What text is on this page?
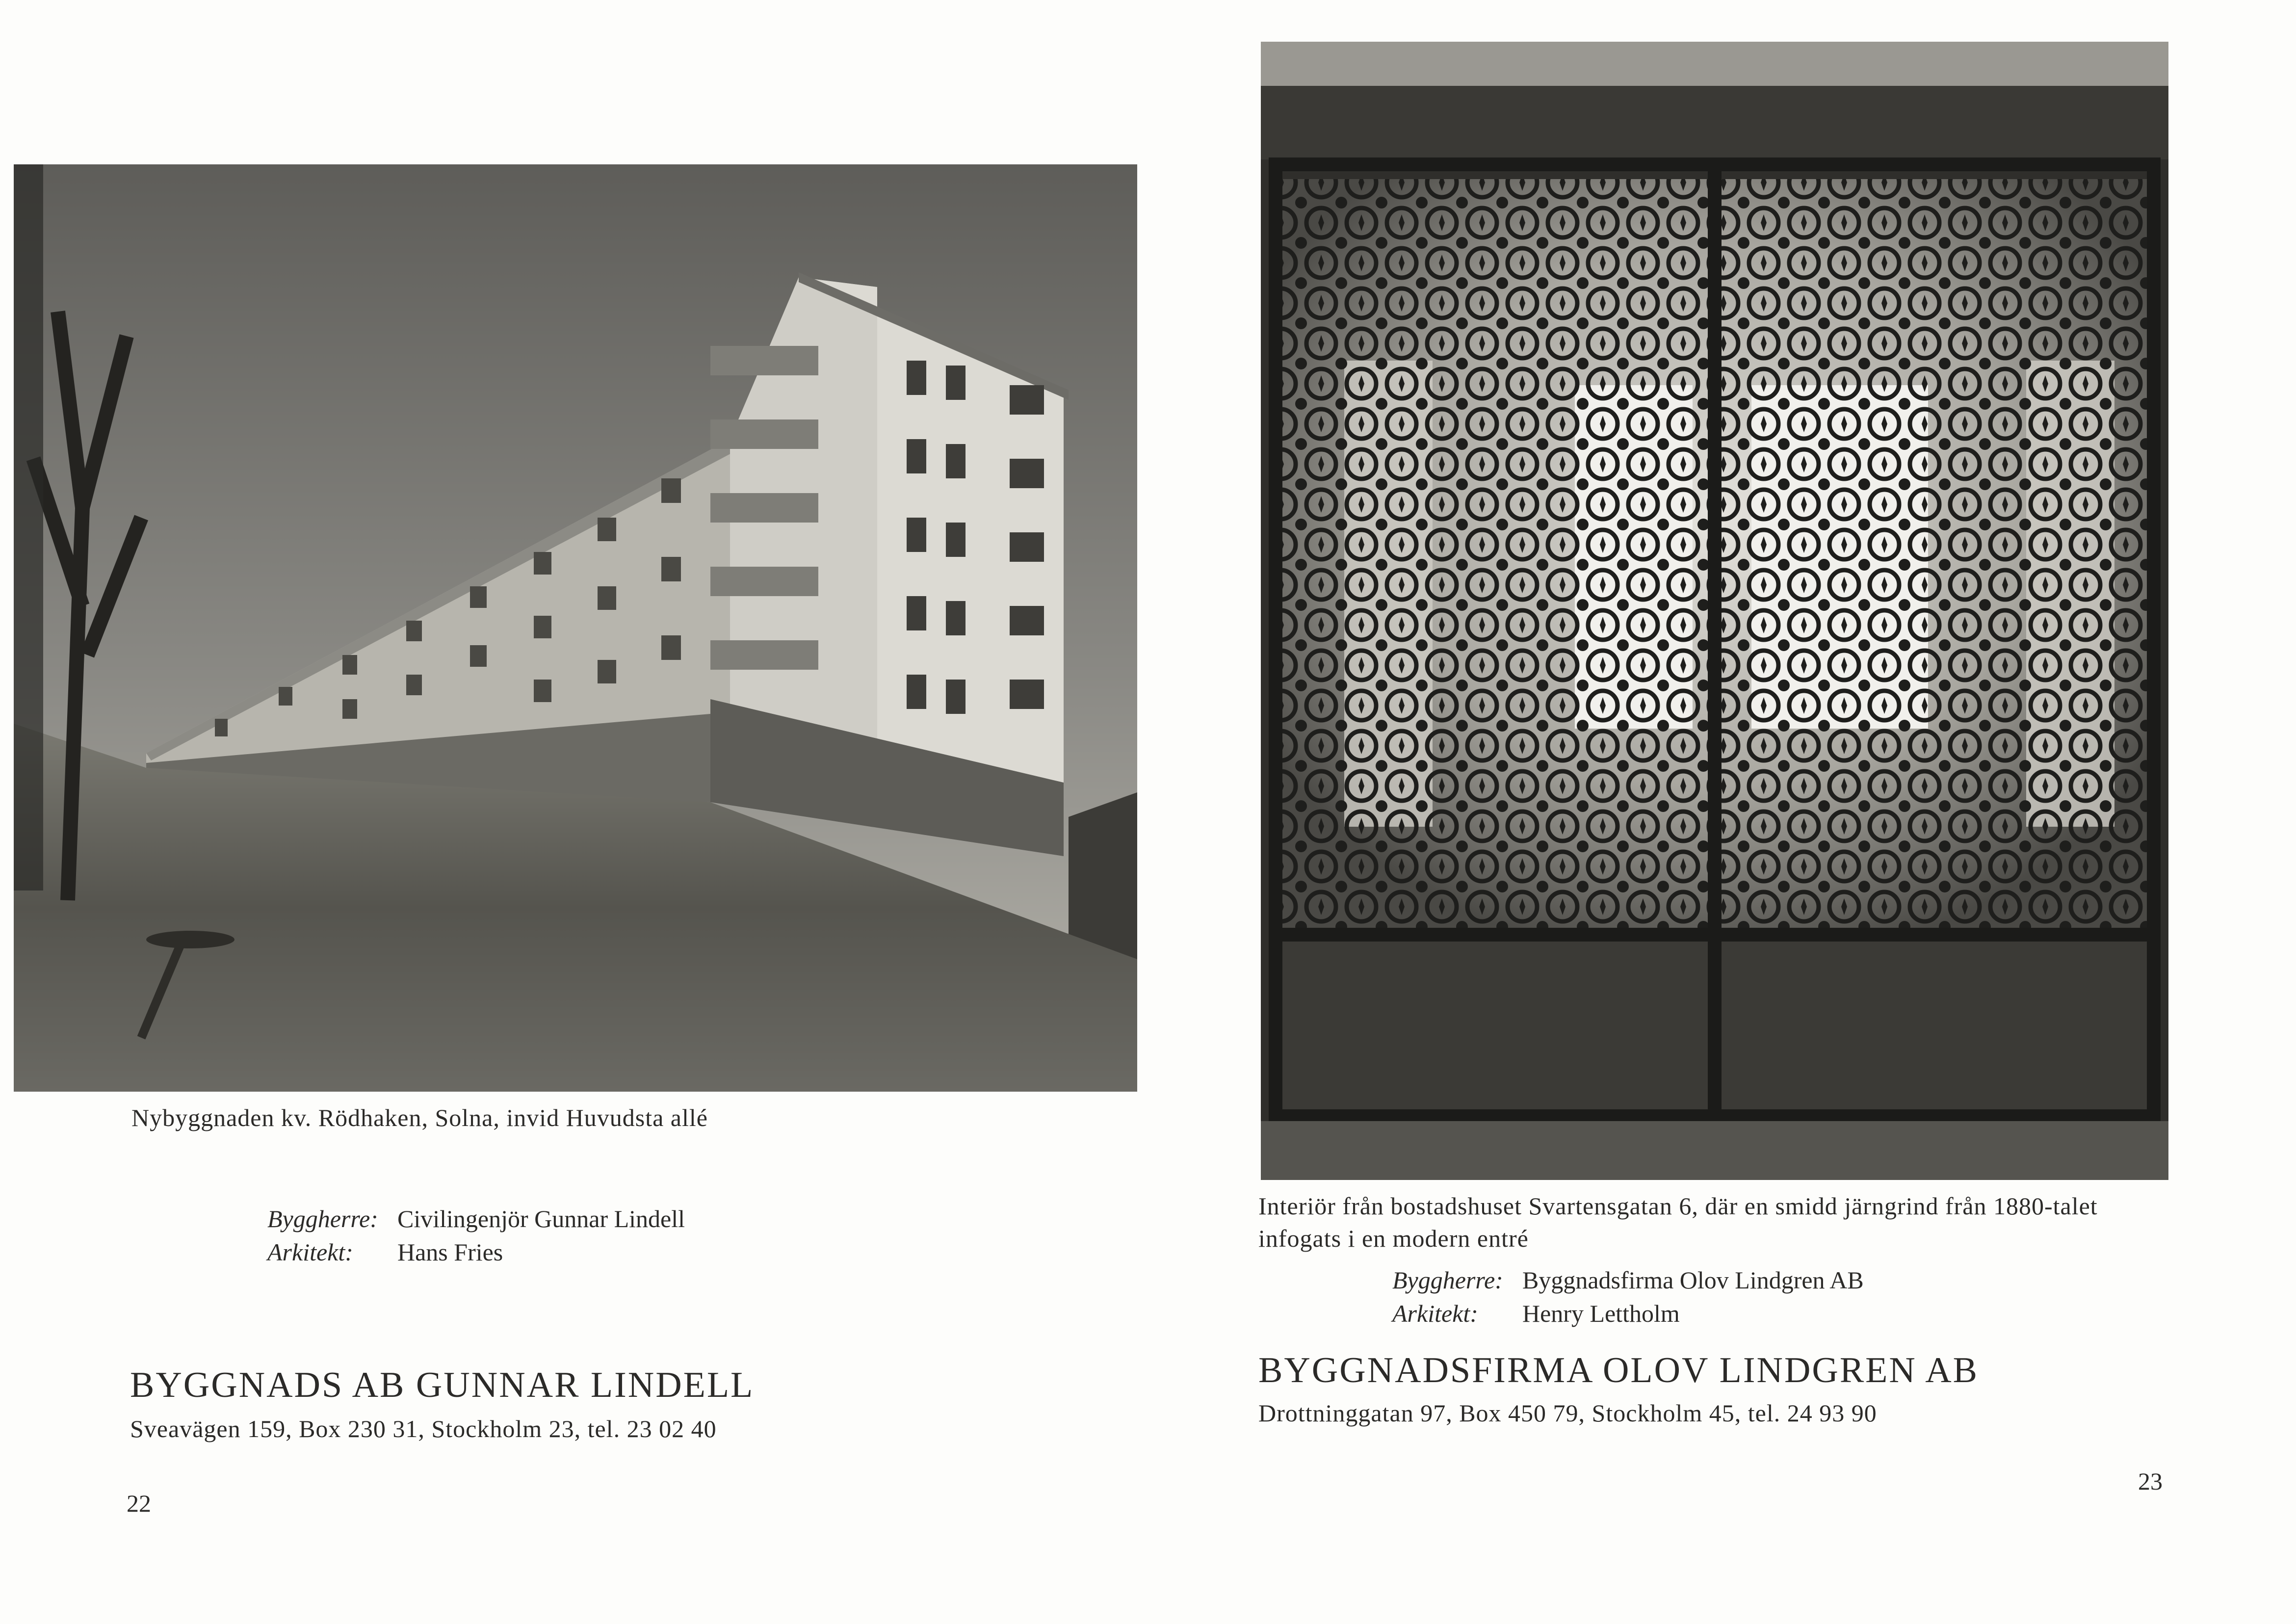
Nybyggnaden kv. Rödhaken, Solna, invid Huvudsta allé
Byggherre: Civilingenjör Gunnar Lindell
Arkitekt:	Hans Fries
BYGGNADS AB GUNNAR LINDELL
Sveavägen 159, Box 230 31, Stockholm 23, tel. 23 02 40
22
Interiör från bostadshuset Svartensgatan 6, där en smidd järngrind från 1880-talet infogats i en modern entré
Byggherre: Byggnadsfirma Olov Lindgren AB
Arkitekt:	Henry Lettholm
BYGGNADSFIRMA OLOV LINDGREN AB
Drottninggatan 97, Box 450 79, Stockholm 45, tel. 24 93 90
23
